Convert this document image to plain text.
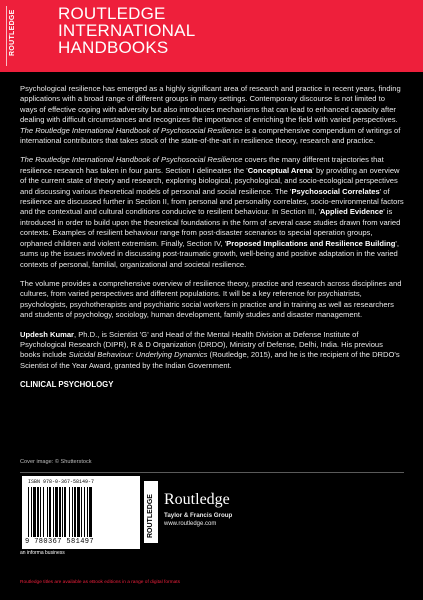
ROUTLEDGE ROUTLEDGE
INTERNATIONAL
HANDBOOKS

Psychological resilience has emerged as a highly significant area of research and practice in recent years, finding applications with a broad range of different groups in many settings. Contemporary discourse is not limited to ways of effective coping with adversity but also introduces mechanisms that can lead to enhanced capacity after dealing with difficult circumstances and recognizes the importance of enriching the field with varied perspectives. The Routledge International Handbook of Psychosocial Resilience is a comprehensive compendium of writings of international contributors that takes stock of the state-of-the-art in resilience theory, research and practice.

The Routledge International Handbook of Psychosocial Resilience covers the many different trajectories that resilience research has taken in four parts. Section I delineates the 'Conceptual Arena' by providing an overview of the current state of theory and research, exploring biological, psychological, and socio-ecological perspectives and discussing various theoretical models of personal and social resilience. The 'Psychosocial Correlates' of resilience are discussed further in Section II, from personal and personality correlates, socio-environmental factors and the contextual and cultural conditions conducive to resilient behaviour. In Section III, 'Applied Evidence' is introduced in order to build upon the theoretical foundations in the form of several case studies drawn from varied contexts. Examples of resilient behaviour range from post-disaster scenarios to special operation groups, orphaned children and violent extremism. Finally, Section IV, 'Proposed Implications and Resilience Building', sums up the issues involved in discussing post-traumatic growth, well-being and positive adaptation in the varied contexts of personal, familial, organizational and societal resilience.

The volume provides a comprehensive overview of resilience theory, practice and research across disciplines and cultures, from varied perspectives and different populations. It will be a key reference for psychiatrists, psychologists, psychotherapists and psychiatric social workers in practice and in training as well as researchers and students of psychology, sociology, human development, family studies and disaster management.

Updesh Kumar, Ph.D., is Scientist 'G' and Head of the Mental Health Division at Defense Institute of Psychological Research (DIPR), R & D Organization (DRDO), Ministry of Defense, Delhi, India. His previous books include Suicidal Behaviour: Underlying Dynamics (Routledge, 2015), and he is the recipient of the DRDO's Scientist of the Year Award, granted by the Indian Government.

CLINICAL PSYCHOLOGY
Cover image: © Shutterstock
ISBN 978-0-367-58149-7
9 780367 581497
ROUTLEDGE Routledge
Taylor & Francis Group
www.routledge.com
an informa business
Routledge titles are available as eBook editions in a range of digital formats
